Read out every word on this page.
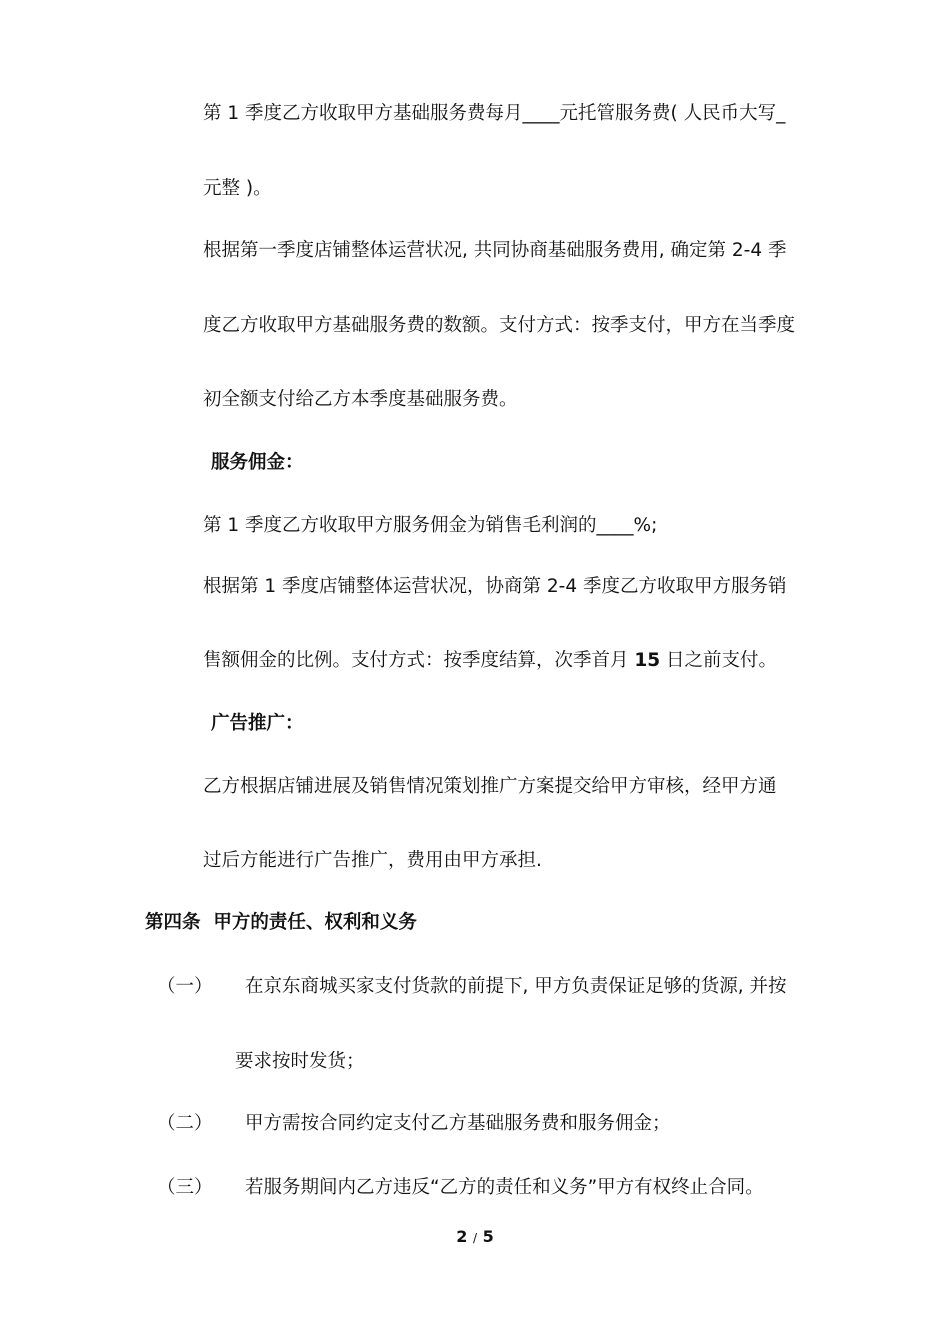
第 1 季度乙方收取甲方基础服务费每月____元托管服务费( 人民币大写_
元整 )。
根据第一季度店铺整体运营状况, 共同协商基础服务费用, 确定第 2-4 季
度乙方收取甲方基础服务费的数额。支付方式：按季支付，甲方在当季度
初全额支付给乙方本季度基础服务费。
服务佣金：
第 1 季度乙方收取甲方服务佣金为销售毛利润的____%;
根据第 1 季度店铺整体运营状况，协商第 2-4 季度乙方收取甲方服务销
售额佣金的比例。支付方式：按季度结算，次季首月 15 日之前支付。
广告推广：
乙方根据店铺进展及销售情况策划推广方案提交给甲方审核，经甲方通
过后方能进行广告推广，费用由甲方承担.
第四条  甲方的责任、权利和义务
（一） 在京东商城买家支付货款的前提下, 甲方负责保证足够的货源, 并按
要求按时发货；
（二） 甲方需按合同约定支付乙方基础服务费和服务佣金；
（三） 若服务期间内乙方违反“乙方的责任和义务”甲方有权终止合同。
2 / 5
